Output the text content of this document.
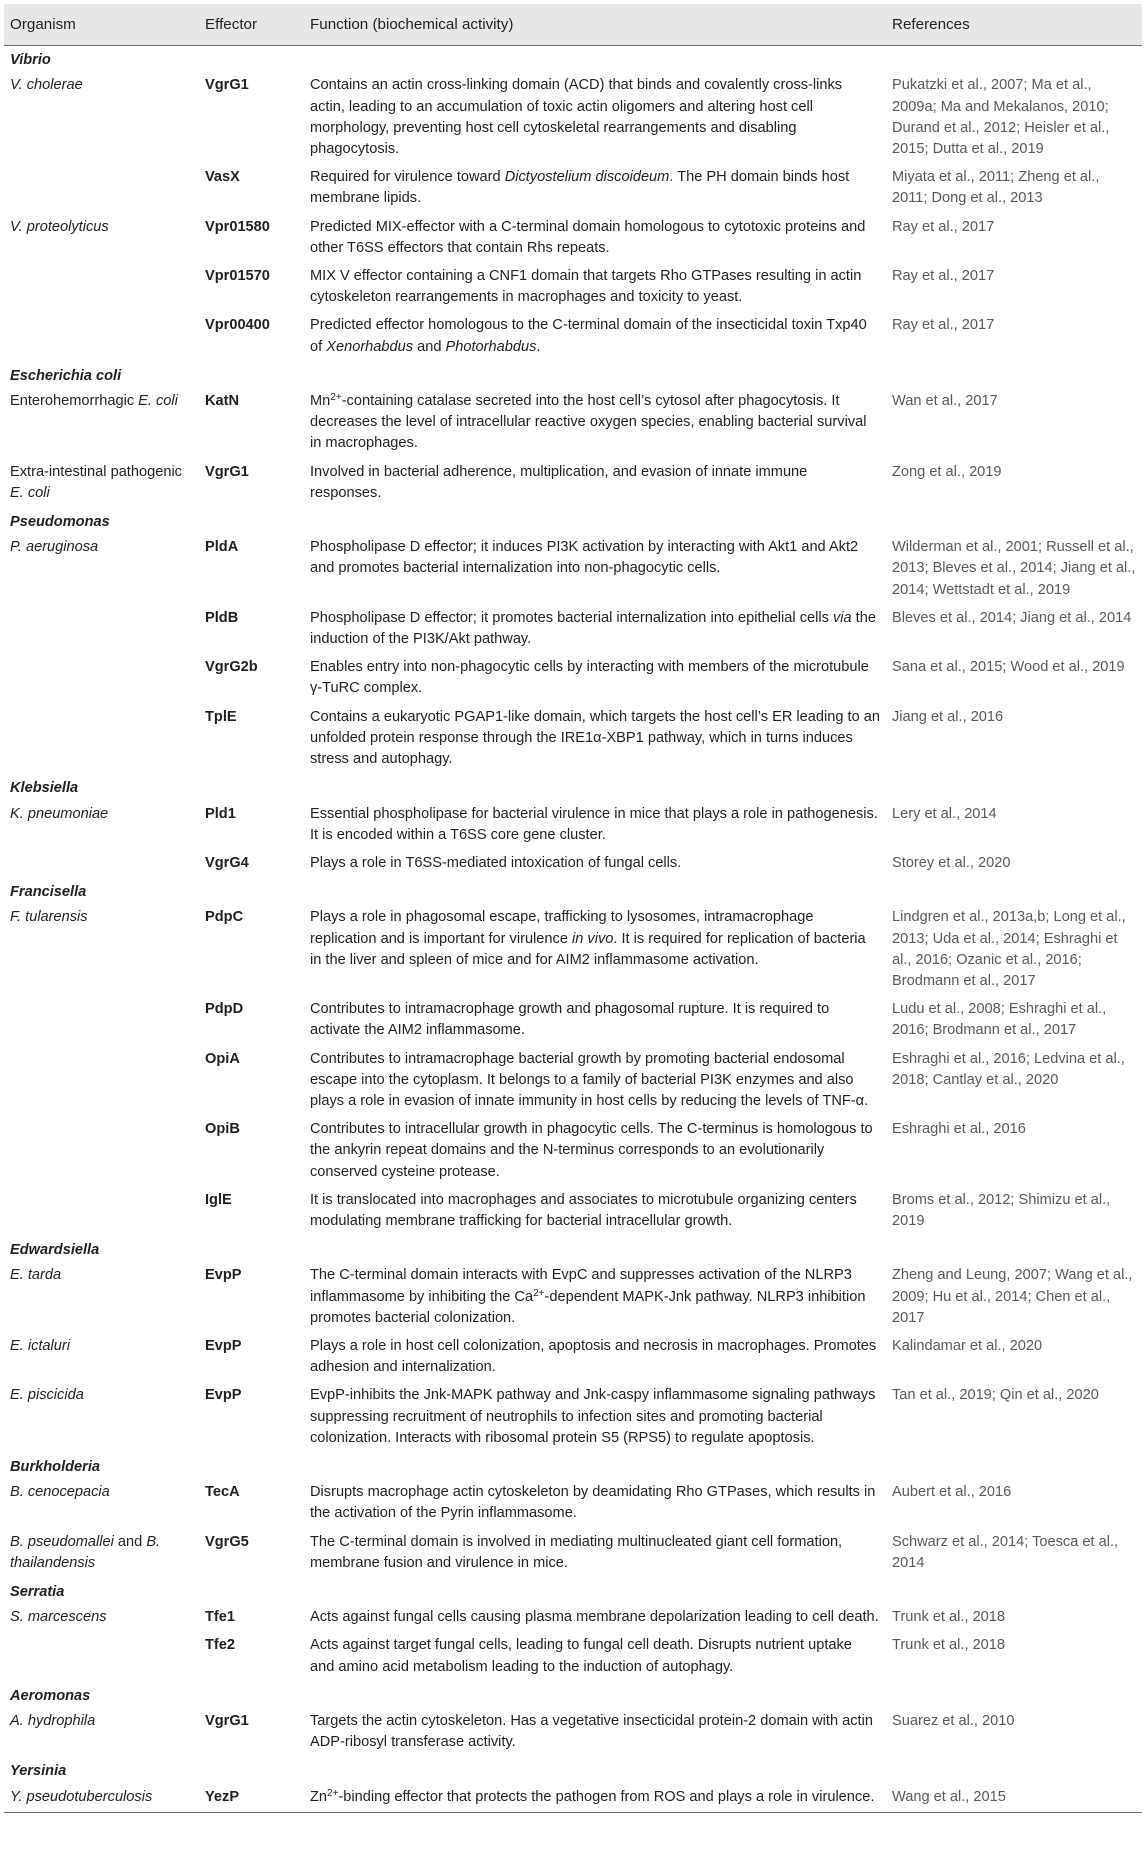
Organism	Effector	Function (biochemical activity)	References
Vibrio			
V. cholerae	VgrG1	Contains an actin cross-linking domain (ACD) that binds and covalently cross-links actin, leading to an accumulation of toxic actin oligomers and altering host cell morphology, preventing host cell cytoskeletal rearrangements and disabling phagocytosis.	Pukatzki et al., 2007; Ma et al., 2009a; Ma and Mekalanos, 2010; Durand et al., 2012; Heisler et al., 2015; Dutta et al., 2019
	VasX	Required for virulence toward Dictyostelium discoideum. The PH domain binds host membrane lipids.	Miyata et al., 2011; Zheng et al., 2011; Dong et al., 2013
V. proteolyticus	Vpr01580	Predicted MIX-effector with a C-terminal domain homologous to cytotoxic proteins and other T6SS effectors that contain Rhs repeats.	Ray et al., 2017
	Vpr01570	MIX V effector containing a CNF1 domain that targets Rho GTPases resulting in actin cytoskeleton rearrangements in macrophages and toxicity to yeast.	Ray et al., 2017
	Vpr00400	Predicted effector homologous to the C-terminal domain of the insecticidal toxin Txp40 of Xenorhabdus and Photorhabdus.	Ray et al., 2017
Escherichia coli			
Enterohemorrhagic E. coli	KatN	$Mn^{2+}$-containing catalase secreted into the host cell’s cytosol after phagocytosis. It decreases the level of intracellular reactive oxygen species, enabling bacterial survival in macrophages.	Wan et al., 2017
Extra-intestinal pathogenic E. coli	VgrG1	Involved in bacterial adherence, multiplication, and evasion of innate immune responses.	Zong et al., 2019
Pseudomonas			
P. aeruginosa	PldA	Phospholipase D effector; it induces PI3K activation by interacting with Akt1 and Akt2 and promotes bacterial internalization into non-phagocytic cells.	Wilderman et al., 2001; Russell et al., 2013; Bleves et al., 2014; Jiang et al., 2014; Wettstadt et al., 2019
	PldB	Phospholipase D effector; it promotes bacterial internalization into epithelial cells via the induction of the PI3K/Akt pathway.	Bleves et al., 2014; Jiang et al., 2014
	VgrG2b	Enables entry into non-phagocytic cells by interacting with members of the microtubule γ-TuRC complex.	Sana et al., 2015; Wood et al., 2019
	TplE	Contains a eukaryotic PGAP1-like domain, which targets the host cell’s ER leading to an unfolded protein response through the IRE1α-XBP1 pathway, which in turns induces stress and autophagy.	Jiang et al., 2016
Klebsiella			
K. pneumoniae	Pld1	Essential phospholipase for bacterial virulence in mice that plays a role in pathogenesis. It is encoded within a T6SS core gene cluster.	Lery et al., 2014
	VgrG4	Plays a role in T6SS-mediated intoxication of fungal cells.	Storey et al., 2020
Francisella			
F. tularensis	PdpC	Plays a role in phagosomal escape, trafficking to lysosomes, intramacrophage replication and is important for virulence in vivo. It is required for replication of bacteria in the liver and spleen of mice and for AIM2 inflammasome activation.	Lindgren et al., 2013a,b; Long et al., 2013; Uda et al., 2014; Eshraghi et al., 2016; Ozanic et al., 2016; Brodmann et al., 2017
	PdpD	Contributes to intramacrophage growth and phagosomal rupture. It is required to activate the AIM2 inflammasome.	Ludu et al., 2008; Eshraghi et al., 2016; Brodmann et al., 2017
	OpiA	Contributes to intramacrophage bacterial growth by promoting bacterial endosomal escape into the cytoplasm. It belongs to a family of bacterial PI3K enzymes and also plays a role in evasion of innate immunity in host cells by reducing the levels of TNF-α.	Eshraghi et al., 2016; Ledvina et al., 2018; Cantlay et al., 2020
	OpiB	Contributes to intracellular growth in phagocytic cells. The C-terminus is homologous to the ankyrin repeat domains and the N-terminus corresponds to an evolutionarily conserved cysteine protease.	Eshraghi et al., 2016
	IglE	It is translocated into macrophages and associates to microtubule organizing centers modulating membrane trafficking for bacterial intracellular growth.	Broms et al., 2012; Shimizu et al., 2019
Edwardsiella			
E. tarda	EvpP	The C-terminal domain interacts with EvpC and suppresses activation of the NLRP3 inflammasome by inhibiting the $Ca^{2+}$-dependent MAPK-Jnk pathway. NLRP3 inhibition promotes bacterial colonization.	Zheng and Leung, 2007; Wang et al., 2009; Hu et al., 2014; Chen et al., 2017
E. ictaluri	EvpP	Plays a role in host cell colonization, apoptosis and necrosis in macrophages. Promotes adhesion and internalization.	Kalindamar et al., 2020
E. piscicida	EvpP	EvpP-inhibits the Jnk-MAPK pathway and Jnk-caspy inflammasome signaling pathways suppressing recruitment of neutrophils to infection sites and promoting bacterial colonization. Interacts with ribosomal protein S5 (RPS5) to regulate apoptosis.	Tan et al., 2019; Qin et al., 2020
Burkholderia			
B. cenocepacia	TecA	Disrupts macrophage actin cytoskeleton by deamidating Rho GTPases, which results in the activation of the Pyrin inflammasome.	Aubert et al., 2016
B. pseudomallei and B. thailandensis	VgrG5	The C-terminal domain is involved in mediating multinucleated giant cell formation, membrane fusion and virulence in mice.	Schwarz et al., 2014; Toesca et al., 2014
Serratia			
S. marcescens	Tfe1	Acts against fungal cells causing plasma membrane depolarization leading to cell death.	Trunk et al., 2018
	Tfe2	Acts against target fungal cells, leading to fungal cell death. Disrupts nutrient uptake and amino acid metabolism leading to the induction of autophagy.	Trunk et al., 2018
Aeromonas			
A. hydrophila	VgrG1	Targets the actin cytoskeleton. Has a vegetative insecticidal protein-2 domain with actin ADP-ribosyl transferase activity.	Suarez et al., 2010
Yersinia			
Y. pseudotuberculosis	YezP	$Zn^{2+}$-binding effector that protects the pathogen from ROS and plays a role in virulence.	Wang et al., 2015
